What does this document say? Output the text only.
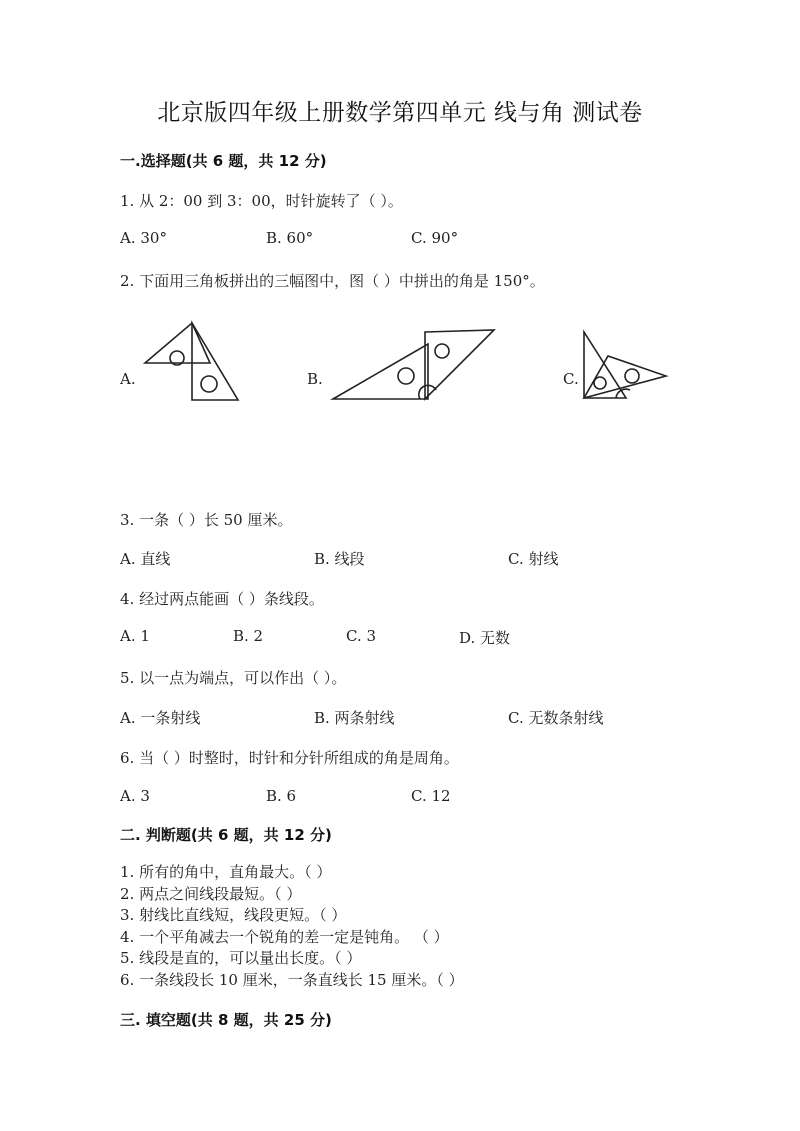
北京版四年级上册数学第四单元 线与角 测试卷
一.选择题(共 6 题，共 12 分)
1. 从 2：00 到 3：00，时针旋转了（ ）。
A. 30°	B. 60°	C. 90°
2. 下面用三角板拼出的三幅图中，图（ ）中拼出的角是 150°。
A.	B.	C.
3. 一条（ ）长 50 厘米。
A. 直线	B. 线段	C. 射线
4. 经过两点能画（ ）条线段。
A. 1	B. 2	C. 3	D. 无数
5. 以一点为端点，可以作出（ ）。
A. 一条射线	B. 两条射线	C. 无数条射线
6. 当（ ）时整时，时针和分针所组成的角是周角。
A. 3	B. 6	C. 12
二. 判断题(共 6 题，共 12 分)
1. 所有的角中，直角最大。（ ）
2. 两点之间线段最短。（ ）
3. 射线比直线短，线段更短。（ ）
4. 一个平角减去一个锐角的差一定是钝角。 （ ）
5. 线段是直的，可以量出长度。（ ）
6. 一条线段长 10 厘米，一条直线长 15 厘米。（ ）
三. 填空题(共 8 题，共 25 分)
